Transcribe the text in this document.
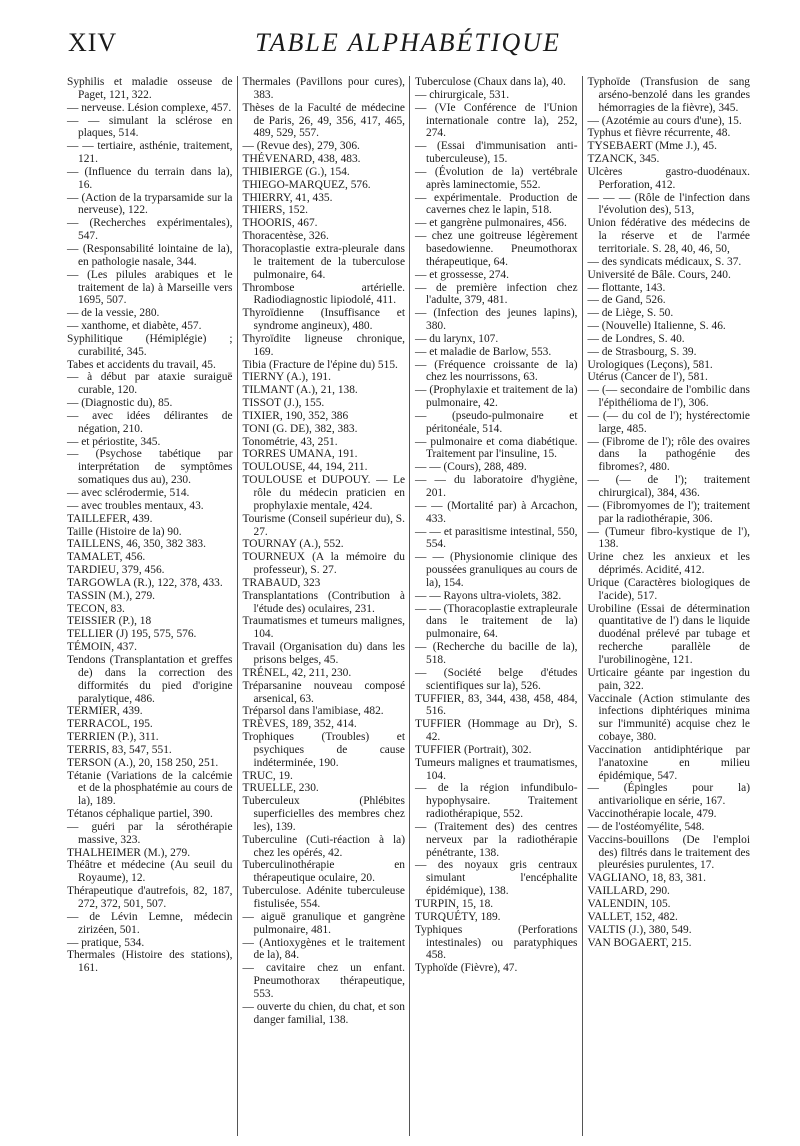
XIV	TABLE ALPHABÉTIQUE

Syphilis et maladie osseuse de Paget, 121, 322.

— nerveuse. Lésion complexe, 457.

— — simulant la sclérose en plaques, 514.

— — tertiaire, asthénie, traitement, 121.

— (Influence du terrain dans la), 16.

— (Action de la tryparsamide sur la nerveuse), 122.

— (Recherches expérimentales), 547.

— (Responsabilité lointaine de la), en pathologie nasale, 344.

— (Les pilules arabiques et le traitement de la) à Marseille vers 1695, 507.

— de la vessie, 280.

— xanthome, et diabète, 457.

Syphilitique (Hémiplégie) ; curabilité, 345.

Tabes et accidents du travail, 45.

— à début par ataxie suraiguë curable, 120.

— (Diagnostic du), 85.

— avec idées délirantes de négation, 210.

— et périostite, 345.

— (Psychose tabétique par interprétation de symptômes somatiques dus au), 230.

— avec sclérodermie, 514.

— avec troubles mentaux, 43.

TAILLEFER, 439.

Taille (Histoire de la) 90.

TAILLENS, 46, 350, 382 383.

TAMALET, 456.

TARDIEU, 379, 456.

TARGOWLA (R.), 122, 378, 433.

TASSIN (M.), 279.

TECON, 83.

TEISSIER (P.), 18

TELLIER (J) 195, 575, 576.

TÉMOIN, 437.

Tendons (Transplantation et greffes de) dans la correction des difformités du pied d'origine paralytique, 486.

TERMIER, 439.

TERRACOL, 195.

TERRIEN (P.), 311.

TERRIS, 83, 547, 551.

TERSON (A.), 20, 158 250, 251.

Tétanie (Variations de la calcémie et de la phosphatémie au cours de la), 189.

Tétanos céphalique partiel, 390.

— guéri par la sérothérapie massive, 323.

THALHEIMER (M.), 279.

Théâtre et médecine (Au seuil du Royaume), 12.

Thérapeutique d'autrefois, 82, 187, 272, 372, 501, 507.

— de Lévin Lemne, médecin zirizéen, 501.

— pratique, 534.

Thermales (Histoire des stations), 161.

Thermales (Pavillons pour cures), 383.

Thèses de la Faculté de médecine de Paris, 26, 49, 356, 417, 465, 489, 529, 557.

— (Revue des), 279, 306.

THÉVENARD, 438, 483.

THIBIERGE (G.), 154.

THIEGO-MARQUEZ, 576.

THIERRY, 41, 435.

THIERS, 152.

THOORIS, 467.

Thoracentèse, 326.

Thoracoplastie extra-pleurale dans le traitement de la tuberculose pulmonaire, 64.

Thrombose artérielle. Radiodiagnostic lipiodolé, 411.

Thyroïdienne (Insuffisance et syndrome angineux), 480.

Thyroïdite ligneuse chronique, 169.

Tibia (Fracture de l'épine du) 515.

TIERNY (A.), 191.

TILMANT (A.), 21, 138.

TISSOT (J.), 155.

TIXIER, 190, 352, 386

TONI (G. DE), 382, 383.

Tonométrie, 43, 251.

TORRES UMANA, 191.

TOULOUSE, 44, 194, 211.

TOULOUSE et DUPOUY. — Le rôle du médecin praticien en prophylaxie mentale, 424.

Tourisme (Conseil supérieur du), S. 27.

TOURNAY (A.), 552.

TOURNEUX (A la mémoire du professeur), S. 27.

TRABAUD, 323

Transplantations (Contribution à l'étude des) oculaires, 231.

Traumatismes et tumeurs malignes, 104.

Travail (Organisation du) dans les prisons belges, 45.

TRÉNEL, 42, 211, 230.

Tréparsanine nouveau composé arsenical, 63.

Tréparsol dans l'amibiase, 482.

TRÈVES, 189, 352, 414.

Trophiques (Troubles) et psychiques de cause indéterminée, 190.

TRUC, 19.

TRUELLE, 230.

Tuberculeux (Phlébites superficielles des membres chez les), 139.

Tuberculine (Cuti-réaction à la) chez les opérés, 42.

Tuberculinothérapie en thérapeutique oculaire, 20.

Tuberculose. Adénite tuberculeuse fistulisée, 554.

— aiguë granulique et gangrène pulmonaire, 481.

— (Antioxygènes et le traitement de la), 84.

— cavitaire chez un enfant. Pneumothorax thérapeutique, 553.

— ouverte du chien, du chat, et son danger familial, 138.

Tuberculose (Chaux dans la), 40.

— chirurgicale, 531.

— (VIe Conférence de l'Union internationale contre la), 252, 274.

— (Essai d'immunisation anti-tuberculeuse), 15.

— (Évolution de la) vertébrale après laminectomie, 552.

— expérimentale. Production de cavernes chez le lapin, 518.

— et gangrène pulmonaires, 456.

— chez une goitreuse légèrement basedowienne. Pneumothorax thérapeutique, 64.

— et grossesse, 274.

— de première infection chez l'adulte, 379, 481.

— (Infection des jeunes lapins), 380.

— du larynx, 107.

— et maladie de Barlow, 553.

— (Fréquence croissante de la) chez les nourrissons, 63.

— (Prophylaxie et traitement de la) pulmonaire, 42.

— (pseudo-pulmonaire et péritonéale, 514.

— pulmonaire et coma diabétique. Traitement par l'insuline, 15.

— — (Cours), 288, 489.

— — du laboratoire d'hygiène, 201.

— — (Mortalité par) à Arcachon, 433.

— — et parasitisme intestinal, 550, 554.

— — (Physionomie clinique des poussées granuliques au cours de la), 154.

— — Rayons ultra-violets, 382.

— — (Thoracoplastie extrapleurale dans le traitement de la) pulmonaire, 64.

— (Recherche du bacille de la), 518.

— (Société belge d'études scientifiques sur la), 526.

TUFFIER, 83, 344, 438, 458, 484, 516.

TUFFIER (Hommage au Dr), S. 42.

TUFFIER (Portrait), 302.

Tumeurs malignes et traumatismes, 104.

— de la région infundibulo-hypophysaire. Traitement radiothérapique, 552.

— (Traitement des) des centres nerveux par la radiothérapie pénétrante, 138.

— des noyaux gris centraux simulant l'encéphalite épidémique), 138.

TURPIN, 15, 18.

TURQUÉTY, 189.

Typhiques (Perforations intestinales) ou paratyphiques 458.

Typhoïde (Fièvre), 47.

Typhoïde (Transfusion de sang arséno-benzolé dans les grandes hémorragies de la fièvre), 345.

— (Azotémie au cours d'une), 15.

Typhus et fièvre récurrente, 48.

TYSEBAERT (Mme J.), 45.

TZANCK, 345.

Ulcères gastro-duodénaux. Perforation, 412.

— — — (Rôle de l'infection dans l'évolution des), 513,

Union fédérative des médecins de la réserve et de l'armée territoriale. S. 28, 40, 46, 50,

— des syndicats médicaux, S. 37.

Université de Bâle. Cours, 240.

— flottante, 143.

— de Gand, 526.

— de Liège, S. 50.

— (Nouvelle) Italienne, S. 46.

— de Londres, S. 40.

— de Strasbourg, S. 39.

Urologiques (Leçons), 581.

Utérus (Cancer de l'), 581.

— (— secondaire de l'ombilic dans l'épithélioma de l'), 306.

— (— du col de l'); hystérectomie large, 485.

— (Fibrome de l'); rôle des ovaires dans la pathogénie des fibromes?, 480.

— (— de l'); traitement chirurgical), 384, 436.

— (Fibromyomes de l'); traitement par la radiothérapie, 306.

— (Tumeur fibro-kystique de l'), 138.

Urine chez les anxieux et les déprimés. Acidité, 412.

Urique (Caractères biologiques de l'acide), 517.

Urobiline (Essai de détermination quantitative de l') dans le liquide duodénal prélevé par tubage et recherche parallèle de l'urobilinogène, 121.

Urticaire géante par ingestion du pain, 322.

Vaccinale (Action stimulante des infections diphtériques minima sur l'immunité) acquise chez le cobaye, 380.

Vaccination antidiphtérique par l'anatoxine en milieu épidémique, 547.

— (Épingles pour la) antivariolique en série, 167.

Vaccinothérapie locale, 479.

— de l'ostéomyélite, 548.

Vaccins-bouillons (De l'emploi des) filtrés dans le traitement des pleurésies purulentes, 17.

VAGLIANO, 18, 83, 381.

VAILLARD, 290.

VALENDIN, 105.

VALLET, 152, 482.

VALTIS (J.), 380, 549.

VAN BOGAERT, 215.
